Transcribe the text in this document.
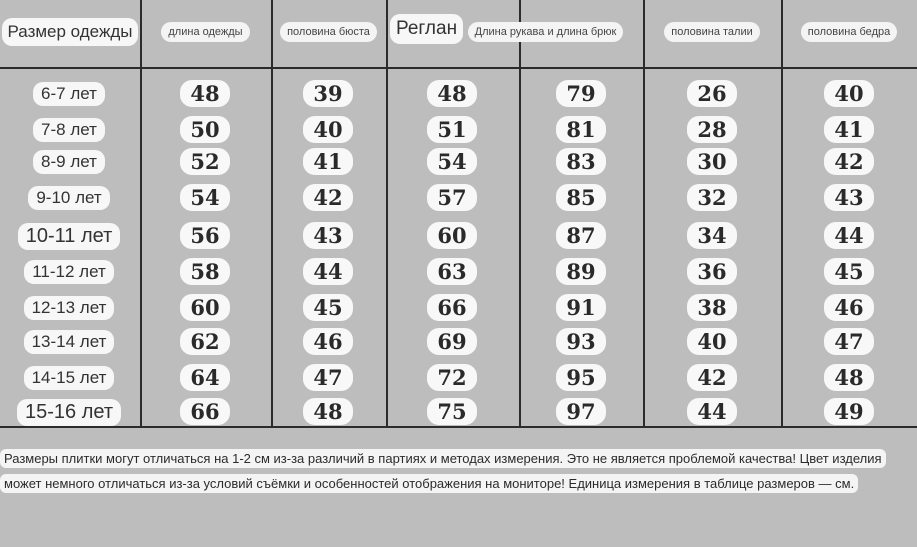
Размер одежды	длина одежды	половина бюста	Реглан	Длина рукава и длина брюк	половина талии	половина бедра
6-7 лет	48	39	48	79	26	40
7-8 лет	50	40	51	81	28	41
8-9 лет	52	41	54	83	30	42
9-10 лет	54	42	57	85	32	43
10-11 лет	56	43	60	87	34	44
11-12 лет	58	44	63	89	36	45
12-13 лет	60	45	66	91	38	46
13-14 лет	62	46	69	93	40	47
14-15 лет	64	47	72	95	42	48
15-16 лет	66	48	75	97	44	49
Размеры плитки могут отличаться на 1-2 см из-за различий в партиях и методах измерения. Это не является проблемой качества! Цвет изделия может немного отличаться из-за условий съёмки и особенностей отображения на мониторе! Единица измерения в таблице размеров — см.
